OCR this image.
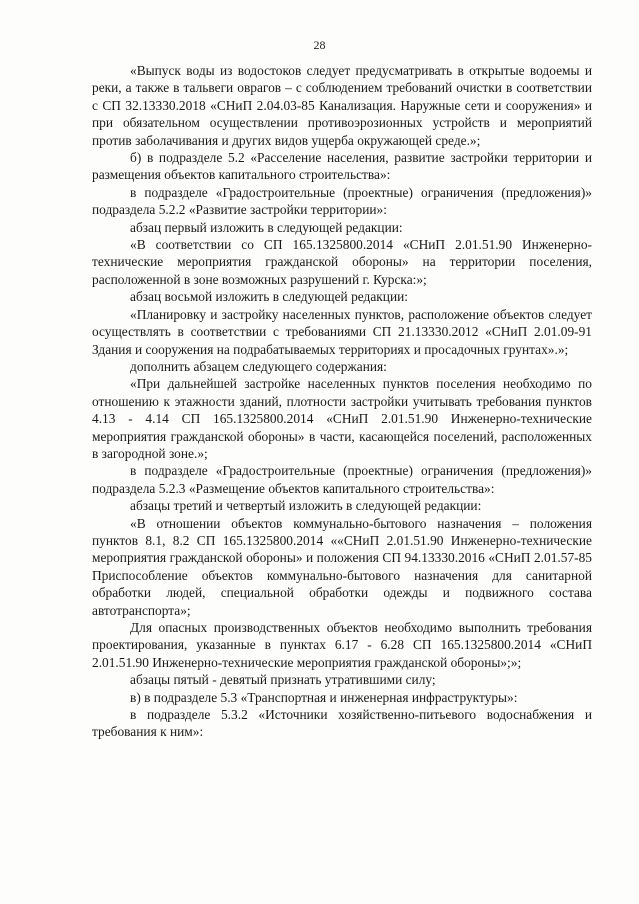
28

«Выпуск воды из водостоков следует предусматривать в открытые водоемы и реки, а также в тальвеги оврагов – с соблюдением требований очистки в соответствии с СП 32.13330.2018 «СНиП 2.04.03-85 Канализация. Наружные сети и сооружения» и при обязательном осуществлении противоэрозионных устройств и мероприятий против заболачивания и других видов ущерба окружающей среде.»;

б) в подразделе 5.2 «Расселение населения, развитие застройки территории и размещения объектов капитального строительства»:

в подразделе «Градостроительные (проектные) ограничения (предложения)» подраздела 5.2.2 «Развитие застройки территории»:

абзац первый изложить в следующей редакции:

«В соответствии со СП 165.1325800.2014 «СНиП 2.01.51.90 Инженерно-технические мероприятия гражданской обороны» на территории поселения, расположенной в зоне возможных разрушений г. Курска:»;

абзац восьмой изложить в следующей редакции:

«Планировку и застройку населенных пунктов, расположение объектов следует осуществлять в соответствии с требованиями СП 21.13330.2012 «СНиП 2.01.09-91 Здания и сооружения на подрабатываемых территориях и просадочных грунтах».»;

дополнить абзацем следующего содержания:

«При дальнейшей застройке населенных пунктов поселения необходимо по отношению к этажности зданий, плотности застройки учитывать требования пунктов 4.13 - 4.14 СП 165.1325800.2014 «СНиП 2.01.51.90 Инженерно-технические мероприятия гражданской обороны» в части, касающейся поселений, расположенных в загородной зоне.»;

в подразделе «Градостроительные (проектные) ограничения (предложения)» подраздела 5.2.3 «Размещение объектов капитального строительства»:

абзацы третий и четвертый изложить в следующей редакции:

«В отношении объектов коммунально-бытового назначения – положения пунктов 8.1, 8.2 СП 165.1325800.2014 ««СНиП 2.01.51.90 Инженерно-технические мероприятия гражданской обороны» и положения СП 94.13330.2016 «СНиП 2.01.57-85 Приспособление объектов коммунально-бытового назначения для санитарной обработки людей, специальной обработки одежды и подвижного состава автотранспорта»;

Для опасных производственных объектов необходимо выполнить требования проектирования, указанные в пунктах 6.17 - 6.28 СП 165.1325800.2014 «СНиП 2.01.51.90 Инженерно-технические мероприятия гражданской обороны»;»;

абзацы пятый - девятый признать утратившими силу;

в) в подразделе 5.3 «Транспортная и инженерная инфраструктуры»:

в подразделе 5.3.2 «Источники хозяйственно-питьевого водоснабжения и требования к ним»:
